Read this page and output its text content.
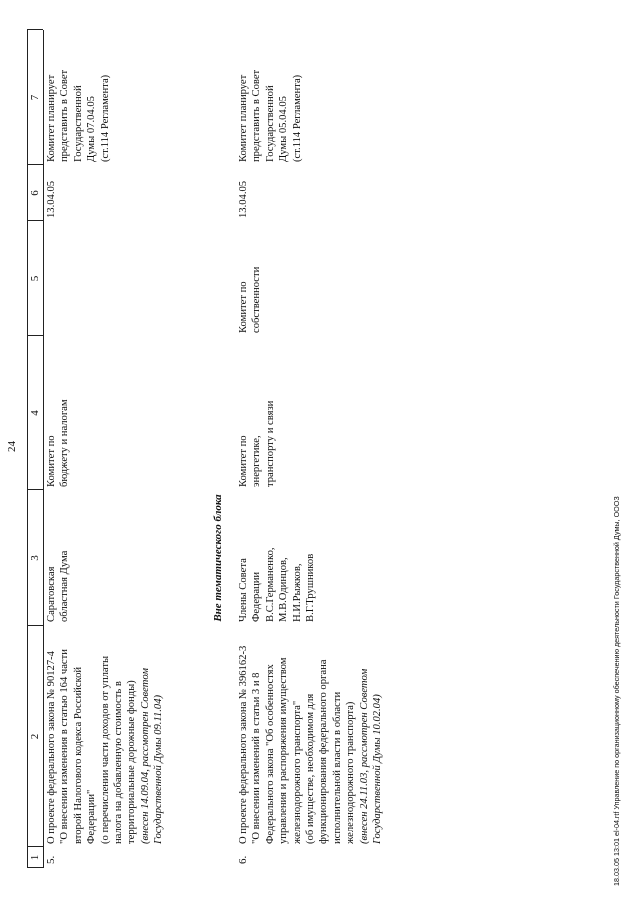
24
1
2
3
4
5
6
7
5.
О проекте федерального закона № 90127-4 "О внесении изменения в статью 164 части второй Налогового кодекса Российской Федерации" (о перечислении части доходов от уплаты налога на добавленную стоимость в территориальные дорожные фонды) (внесен 14.09.04, рассмотрен Советом Государственной Думы 09.11.04)
Саратовская областная Дума
Комитет по бюджету и налогам
13.04.05
Комитет планирует представить в Совет Государственной Думы 07.04.05 (ст.114 Регламента)
Вне тематического блока
6.
О проекте федерального закона № 396162-3 "О внесении изменений в статьи 3 и 8 Федерального закона "Об особенностях управления и распоряжения имуществом железнодорожного транспорта" (об имуществе, необходимом для функционирования федерального органа исполнительной власти в области железнодорожного транспорта) (внесен 24.11.03, рассмотрен Советом Государственной Думы 10.02.04)
Члены Совета Федерации В.С.Германенко, М.В.Одинцов, Н.И.Рыжков, В.Г.Трушников
Комитет по энергетике, транспорту и связи
Комитет по собственности
13.04.05
Комитет планирует представить в Совет Государственной Думы 05.04.05 (ст.114 Регламента)
18.03.05 13:01 el-04.rtf Управление по организационному обеспечению деятельности Государственной Думы, ОООЗ
